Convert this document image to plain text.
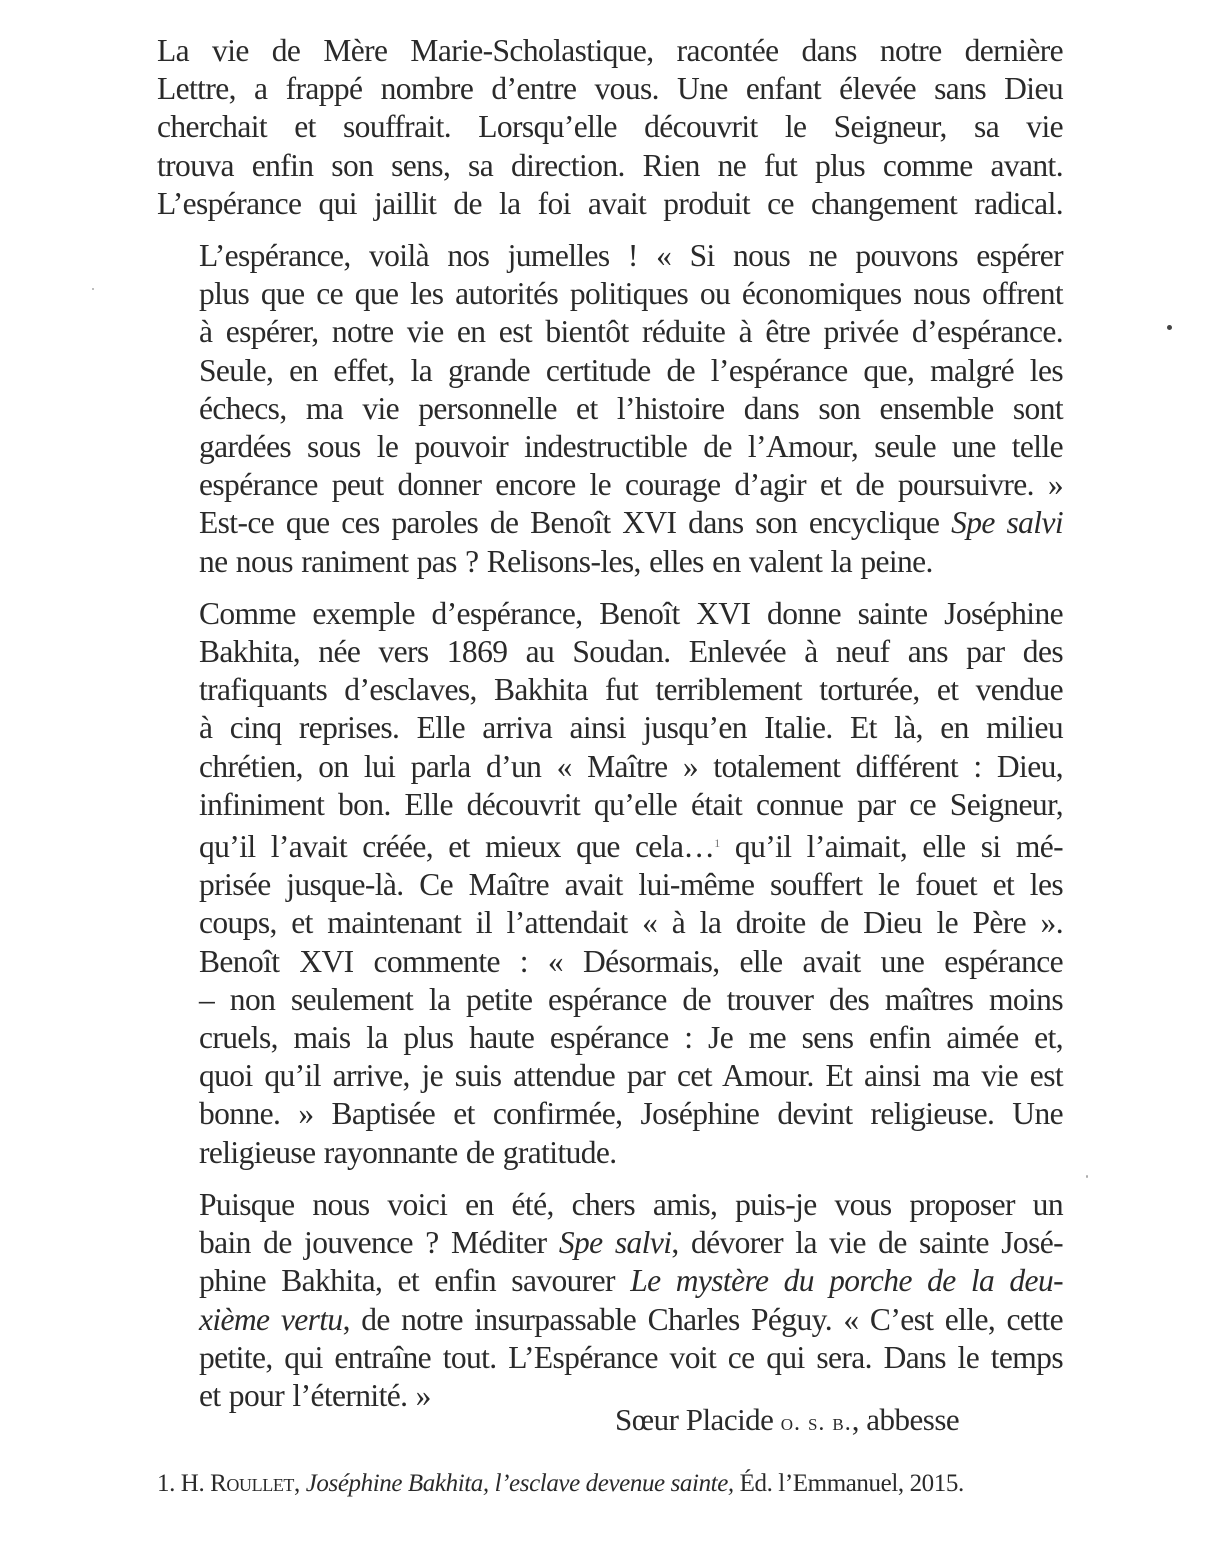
La vie de Mère Marie-Scholastique, racontée dans notre dernière
Lettre, a frappé nombre d’entre vous. Une enfant élevée sans Dieu
cherchait et souffrait. Lorsqu’elle découvrit le Seigneur, sa vie
trouva enfin son sens, sa direction. Rien ne fut plus comme avant.
L’espérance qui jaillit de la foi avait produit ce changement radical.

L’espérance, voilà nos jumelles ! « Si nous ne pouvons espérer
plus que ce que les autorités politiques ou économiques nous offrent
à espérer, notre vie en est bientôt réduite à être privée d’espérance.
Seule, en effet, la grande certitude de l’espérance que, malgré les
échecs, ma vie personnelle et l’histoire dans son ensemble sont
gardées sous le pouvoir indestructible de l’Amour, seule une telle
espérance peut donner encore le courage d’agir et de poursuivre. »
Est-ce que ces paroles de Benoît XVI dans son encyclique Spe salvi
ne nous raniment pas ? Relisons-les, elles en valent la peine.

Comme exemple d’espérance, Benoît XVI donne sainte Joséphine
Bakhita, née vers 1869 au Soudan. Enlevée à neuf ans par des
trafiquants d’esclaves, Bakhita fut terriblement torturée, et vendue
à cinq reprises. Elle arriva ainsi jusqu’en Italie. Et là, en milieu
chrétien, on lui parla d’un « Maître » totalement différent : Dieu,
infiniment bon. Elle découvrit qu’elle était connue par ce Seigneur,
qu’il l’avait créée, et mieux que cela…$^1$ qu’il l’aimait, elle si mé-
prisée jusque-là. Ce Maître avait lui-même souffert le fouet et les
coups, et maintenant il l’attendait « à la droite de Dieu le Père ».
Benoît XVI commente : « Désormais, elle avait une espérance
– non seulement la petite espérance de trouver des maîtres moins
cruels, mais la plus haute espérance : Je me sens enfin aimée et,
quoi qu’il arrive, je suis attendue par cet Amour. Et ainsi ma vie est
bonne. » Baptisée et confirmée, Joséphine devint religieuse. Une
religieuse rayonnante de gratitude.

Puisque nous voici en été, chers amis, puis-je vous proposer un
bain de jouvence ? Méditer Spe salvi, dévorer la vie de sainte José-
phine Bakhita, et enfin savourer Le mystère du porche de la deu-
xième vertu, de notre insurpassable Charles Péguy. « C’est elle, cette
petite, qui entraîne tout. L’Espérance voit ce qui sera. Dans le temps
et pour l’éternité. »

Sœur Placide o. s. b., abbesse
1. H. Roullet, Joséphine Bakhita, l’esclave devenue sainte, Éd. l’Emmanuel, 2015.
